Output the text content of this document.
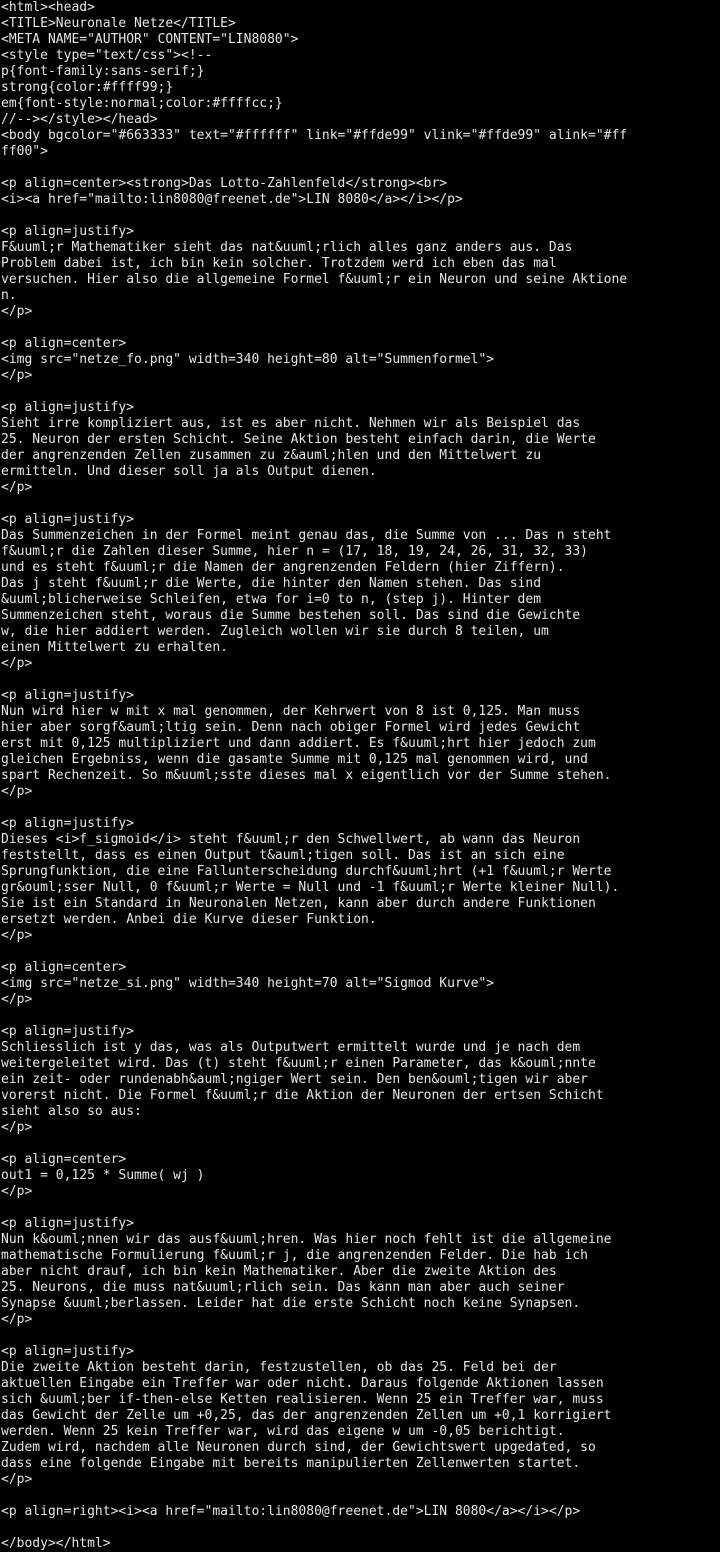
<html><head>
<TITLE>Neuronale Netze</TITLE>
<META NAME="AUTHOR" CONTENT="LIN8080">
<style type="text/css"><!--
p{font-family:sans-serif;}
strong{color:#ffff99;}
em{font-style:normal;color:#ffffcc;}
//--></style></head>
<body bgcolor="#663333" text="#ffffff" link="#ffde99" vlink="#ffde99" alink="#ff
ff00">
<p align=center><strong>Das Lotto-Zahlenfeld</strong><br>
<i><a href="mailto:lin8080@freenet.de">LIN 8080</a></i></p>
<p align=justify>
F&uuml;r Mathematiker sieht das nat&uuml;rlich alles ganz anders aus. Das
Problem dabei ist, ich bin kein solcher. Trotzdem werd ich eben das mal
versuchen. Hier also die allgemeine Formel f&uuml;r ein Neuron und seine Aktione
n.
</p>
<p align=center>
<img src="netze_fo.png" width=340 height=80 alt="Summenformel">
</p>
<p align=justify>
Sieht irre kompliziert aus, ist es aber nicht. Nehmen wir als Beispiel das
25. Neuron der ersten Schicht. Seine Aktion besteht einfach darin, die Werte
der angrenzenden Zellen zusammen zu z&auml;hlen und den Mittelwert zu
ermitteln. Und dieser soll ja als Output dienen.
</p>
<p align=justify>
Das Summenzeichen in der Formel meint genau das, die Summe von ... Das n steht
f&uuml;r die Zahlen dieser Summe, hier n = (17, 18, 19, 24, 26, 31, 32, 33)
und es steht f&uuml;r die Namen der angrenzenden Feldern (hier Ziffern).
Das j steht f&uuml;r die Werte, die hinter den Namen stehen. Das sind
&uuml;blicherweise Schleifen, etwa for i=0 to n, (step j). Hinter dem
Summenzeichen steht, woraus die Summe bestehen soll. Das sind die Gewichte
w, die hier addiert werden. Zugleich wollen wir sie durch 8 teilen, um
einen Mittelwert zu erhalten.
</p>
<p align=justify>
Nun wird hier w mit x mal genommen, der Kehrwert von 8 ist 0,125. Man muss
hier aber sorgf&auml;ltig sein. Denn nach obiger Formel wird jedes Gewicht
erst mit 0,125 multipliziert und dann addiert. Es f&uuml;hrt hier jedoch zum
gleichen Ergebniss, wenn die gasamte Summe mit 0,125 mal genommen wird, und
spart Rechenzeit. So m&uuml;sste dieses mal x eigentlich vor der Summe stehen.
</p>
<p align=justify>
Dieses <i>f_sigmoid</i> steht f&uuml;r den Schwellwert, ab wann das Neuron
feststellt, dass es einen Output t&auml;tigen soll. Das ist an sich eine
Sprungfunktion, die eine Fallunterscheidung durchf&uuml;hrt (+1 f&uuml;r Werte
gr&ouml;sser Null, 0 f&uuml;r Werte = Null und -1 f&uuml;r Werte kleiner Null).
Sie ist ein Standard in Neuronalen Netzen, kann aber durch andere Funktionen
ersetzt werden. Anbei die Kurve dieser Funktion.
</p>
<p align=center>
<img src="netze_si.png" width=340 height=70 alt="Sigmod Kurve">
</p>
<p align=justify>
Schliesslich ist y das, was als Outputwert ermittelt wurde und je nach dem
weitergeleitet wird. Das (t) steht f&uuml;r einen Parameter, das k&ouml;nnte
ein zeit- oder rundenabh&auml;ngiger Wert sein. Den ben&ouml;tigen wir aber
vorerst nicht. Die Formel f&uuml;r die Aktion der Neuronen der ertsen Schicht
sieht also so aus:
</p>
<p align=center>
out1 = 0,125 * Summe( wj )
</p>
<p align=justify>
Nun k&ouml;nnen wir das ausf&uuml;hren. Was hier noch fehlt ist die allgemeine
mathematische Formulierung f&uuml;r j, die angrenzenden Felder. Die hab ich
aber nicht drauf, ich bin kein Mathematiker. Aber die zweite Aktion des
25. Neurons, die muss nat&uuml;rlich sein. Das kann man aber auch seiner
Synapse &uuml;berlassen. Leider hat die erste Schicht noch keine Synapsen.
</p>
<p align=justify>
Die zweite Aktion besteht darin, festzustellen, ob das 25. Feld bei der
aktuellen Eingabe ein Treffer war oder nicht. Daraus folgende Aktionen lassen
sich &uuml;ber if-then-else Ketten realisieren. Wenn 25 ein Treffer war, muss
das Gewicht der Zelle um +0,25, das der angrenzenden Zellen um +0,1 korrigiert
werden. Wenn 25 kein Treffer war, wird das eigene w um -0,05 berichtigt.
Zudem wird, nachdem alle Neuronen durch sind, der Gewichtswert upgedated, so
dass eine folgende Eingabe mit bereits manipulierten Zellenwerten startet.
</p>
<p align=right><i><a href="mailto:lin8080@freenet.de">LIN 8080</a></i></p>
</body></html>
